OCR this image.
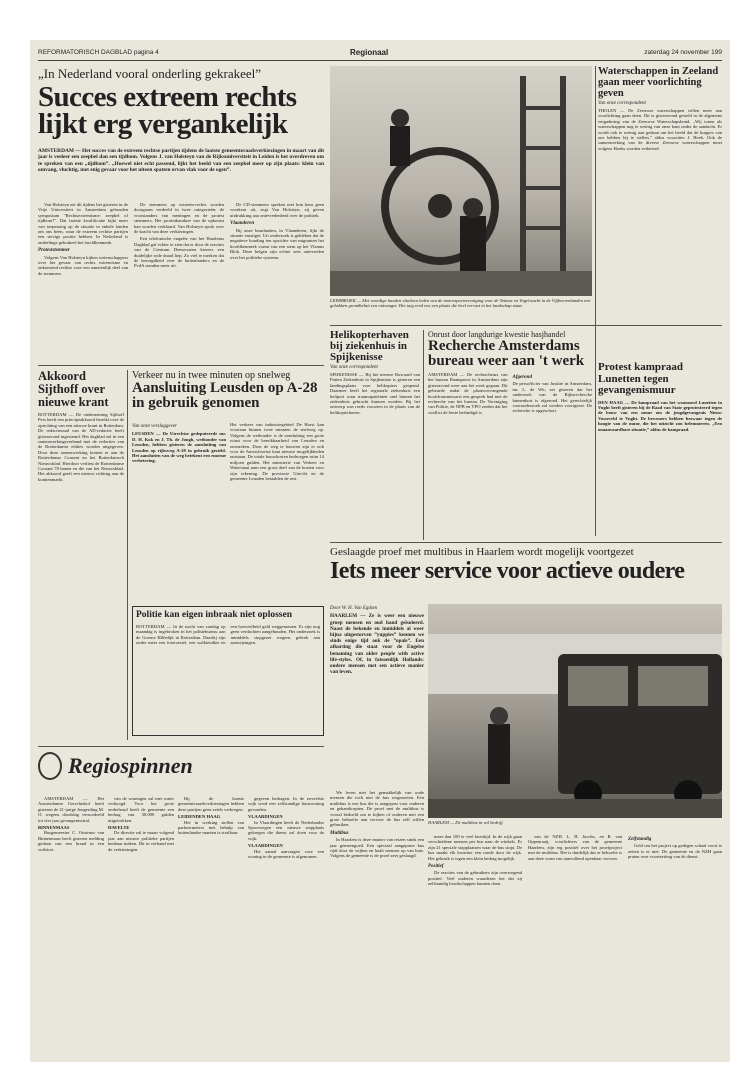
REFORMATORISCH DAGBLAD pagina 4	Regionaal	zaterdag 24 november 199
„In Nederland vooral onderling gekrakeel”
Succes extreem rechts lijkt erg vergankelijk
AMSTERDAM — Het succes van de extreem rechtse partijen tijdens de laatste gemeenteraadsverkiezingen in maart van dit jaar is veeleer een zeepbel dan een tijdbom. Volgens J. van Holsteyn van de Rijksuniversiteit in Leiden is het overdreven om te spreken van een „tijdbom”. „Hoewel niet echt passend, lijkt het beeld van een zeepbel meer op zijn plaats: klein van omvang, vluchtig, met enig gevaar voor het uiteen spatten ervan vlak voor de ogen”.

Van Holsteyn zei dit tijdens het gisteren in de Vrije Universiteit in Amsterdam gehouden symposium "Rechtsextremisme: zeepbel of tijdbom?". Dat laatste kwalificatie kijkt meer van toepassing op de situatie in enkele landen om ons heen, waar de extreem rechtse partijen een stevige positie hebben. In Nederland is onderlinge gekrakeel het hoofdkenmerk.

Proteststemmer

Volgens Van Holsteyn kijken wetenschappers over het gevaar van rechts extremisme en onkonsend rechtse voor een aanzienlijk deel van de stemmers.

De stemmers op extreem-rechts worden doorgaans verdeeld in twee categorieën: de voorstanders van meningen en de protest stemmers. Het protestkarakter van de opkomst kan worden verklaard. Van Holsteyn sprak over de kracht van deze verkiezingen.

Een telefonische enquête van het Haarlems Dagblad gaf echter te zien dat er door de reacties van de Centrum Democraten kiezers een duidelijke rode draad liep. Zo viel te merken dat de bezorgdheid over de buitenlanders en de PvdA standen meer uit.

De CD-stemmers spreken met hun keus geen voorkeur uit, zegt Van Holsteyn, zij geven uitdrukking aan ontevredenheid over de politiek.

Vlaanderen

Bij onze buurlanden, in Vlaanderen, lijkt de situatie ernstiger. Uit onderzoek is gebleken dat de negatieve houding ten opzichte van migranten het hoofdkenmerk vormt van een stem op het Vlaams Blok. Deze belgen zijn echter zeer ontevreden over het politieke systeem.

LEERBROEK — Met voordige handen vluchten leden van de motorsportvereniging voor de Natuur en Vogelwacht in de Vijfheerenlanden een gebakken grondbeluit een ontvanger. Het tuig reed een een plaats die heel verrast in het landschap staat.
Waterschappen in Zeeland gaan meer voorlichting geven
Van onze correspondent
THOLEN — De Zeeuwse waterschappen willen meer aan voorlichting gaan doen. Dit is gisteravond gesteld in de algemene vergadering van de Zeeuwse Waterschapsbond. „Wij tonen als waterschappen nog te weinig van onze kant onder de aandacht. Er wordt ook te weinig aan gedaan om het beeld dat de burgers van ons hebben bij te stellen,” aldus voorzitter J. Hoek. Ook de samenwerking van de diverse Zeeuwse waterschappen moet volgens Hoeks worden verbeterd.
Akkoord Sijthoff over nieuwe krant
ROTTERDAM — De onderneming Sijthoff Pers heeft een principeakkoord bereikt over de oprichting van een nieuwe krant in Rotterdam. De redactieraad van de AD-redactie heeft gisteravond ingestemd. Het dagblad zal in een samenwerkingsverband met de redacties van de Rotterdamse edities worden uitgegeven. Door deze samenwerking komen er aan de Rotterdamse Courant en het Rotterdamsch Nieuwsblad. Hierdoor verliest de Rotterdamse Courant 78 banen en die van het Nieuwsblad. Het akkoord geeft een nieuwe richting aan de krantenmarkt.
Verkeer nu in twee minuten op snelweg
Aansluiting Leusden op A-28 in gebruik genomen
Van onze verslaggever
LEUSDEN — De Utrechtse gedeputeerde mr. D. H. Kok en J. Th. de Jongh, wethouder van Leusden, hebben gisteren de aansluiting van Leusden op rijksweg A-28 in gebruik gesteld. Het aansluiten van de weg betekent een enorme verbetering.
Het verkeer van industriegebied De Horst kan voortaan binnen twee minuten de snelweg op. Volgens de wethouder is de aansluiting een grote winst voor de bereikbaarheid van Leusden en omstreken. Door de weg te bouwen zijn er ook voor de Amersfoortse kant nieuwe mogelijkheden ontstaan. De totale bouwkosten bedroegen ruim 14 miljoen gulden. Het ministerie van Verkeer en Waterstaat nam een groot deel van de kosten voor zijn rekening. De provincie Utrecht en de gemeente Leusden betaalden de rest.
Helikopterhaven bij ziekenhuis in Spijkenisse
Van onze correspondent
SPIJKENISSE — Bij het nieuwe Ruwaard van Putten Ziekenhuis in Spijkenisse is gisteren een landingsplaats voor helikopters geopend. Daarmee heeft het regionale ziekenhuis een heliport waar traumapatiënten snel binnen het ziekenhuis gebracht kunnen worden. Bij het ontwerp was reeds voorzien in de plaats van de helikopterhaven.
Onrust door langdurige kwestie hasjhandel
Recherche Amsterdams bureau weer aan 't werk
AMSTERDAM — De rechercheurs van het bureau Raampoort in Amsterdam zijn gisteravond weer aan het werk gegaan. Dit gebeurde nadat de plaatsvervangende hoofdcommissaris een gesprek had met de recherche van het bureau. De Vereniging van Politie, de NPB en VPO zeiden dat het conflict de beste beëindigd is.
Afgerond
De persofficier van Justitie in Amsterdam, mr. L. de Wit, zei gisteren dat het onderzoek van de Rijksrecherche binnenkort is afgerond. Het gerechtelijk vooronderzoek zal worden voortgezet. De recherche is opgeschort.
Protest kampraad Lunetten tegen gevangenismuur
DEN HAAG — De kampraad van het woonoord Lunetten in Vught heeft gisteren bij de Raad van State geprotesteerd tegen de bouw van een muur om de jeugdgevangenis Nieuw Vosseveld te Vught. De bewoners hebben bezwaar tegen de hoogte van de muur, die het uitzicht zou belemmeren. „Een onaanvaardbare situatie,” aldus de kampraad.
Politie kan eigen inbraak niet oplossen
ROTTERDAM — In de nacht van zondag op maandag is ingebroken in het politiebureau aan de Groene Hilledijk in Rotterdam. Daarbij zijn onder meer een fototoestel, een walkietalkie en een hoeveelheid geld weggenomen. Er zijn nog geen verdachten aangehouden. Het onderzoek is inmiddels stopgezet wegens gebrek aan aanwijzingen.
Geslaagde proef met multibus in Haarlem wordt mogelijk voortgezet
Iets meer service voor actieve oudere
Door W. H. Van Egdom
HAARLEM — Ze is weer een nieuwe groep mensen en oud hand geïsoleerd. Naast de bekende en inmiddels al weer bijna uitgestorven ”yuppies” kennen we sinds enige tijd ook de ”opals”. Een afkorting die staat voor de Engelse benaming van older people with active life-styles. Of, in fatsoenlijk Hollands: oudere mensen met een actieve manier van leven.
HAARLEM — De multibus in vol bedrijf.

We leven niet het gemakkelijk van oude mensen die toch niet de bus wegmoeten. Een multibus is een bus die is aangepast voor ouderen en gehandicapten. De proef met de multibus is vooral bedoeld om te kijken of ouderen met een grote behoefte aan vervoer de bus zelf willen gebruiken.

Multibus

In Haarlem is deze manier van reizen sinds een jaar gemeengoed. Een speciaal aangepaste bus rijdt door de wijken en haalt mensen op van huis. Volgens de gemeente is de proef zeer geslaagd.

meer dan 100 te veel bezittijd. In de wijk gaan verscheidene mensen per bus naar de winkels. Er zijn 21 speciale stopplaatsen waar de bus stopt. De bus maakt elk kwartier een ronde door de wijk. Het gebruik is tegen een klein bedrag mogelijk.

Positief

De reacties van de gebruikers zijn overwegend positief. Veel ouderen waarderen het dat zij zelfstandig boodschappen kunnen doen.

van de NZH. L. H. Jacobs, en R. van Oppenraaij, voorlichters van de gemeente Haarlem, zijn erg positief over het proefproject met de multibus. Het is duidelijk dat er behoefte is aan deze vorm van aanvullend openbaar vervoer.

Zelfstandig

Geld om het project op gedegen schaal voort te zetten is er niet. De gemeente en de NZH gaan praten over voortzetting van de dienst.

Regiospinnen

AMSTERDAM — Het Amsterdamse Gerechtshof heeft gisteren de 21-jarige Jongerding M. O. wegens doodslag veroordeeld tot vier jaar gevangenisstraf.

BINNENMAAS

Burgemeester C. Oostrum van Binnenmaas heeft gisteren melding gedaan van een brand in een vuilstort.

van de woningen zal met water verhoogd. Voor het grote onderhoud heeft de gemeente een bedrag van 30.000 gulden uitgetrokken.

HAVELTE

De directie zal te maart volgend jaar aan nieuwe politieke partijen kenbaar maken. Dit in verband met de verkiezingen.

Bij de laatste gemeenteraadsverkiezingen hebben deze partijen geen zetels verkregen.

LEIDENDEN HAAG

Het in werking stellen van parkeermeters met behulp van buitenlandse munten is strafbaar.

gegeven bedragen. In de zoveelste wijk werd een zelfstandige huurwoning gevonden.

VLAARDINGEN

In Vlaardingen heeft de Nederlandse Spoorwegen een nieuwe stopplaats gekregen die dienst zal doen voor de wijk.

VLAARDINGEN

Het aantal aanvragen voor een woning in de gemeente is afgenomen.
